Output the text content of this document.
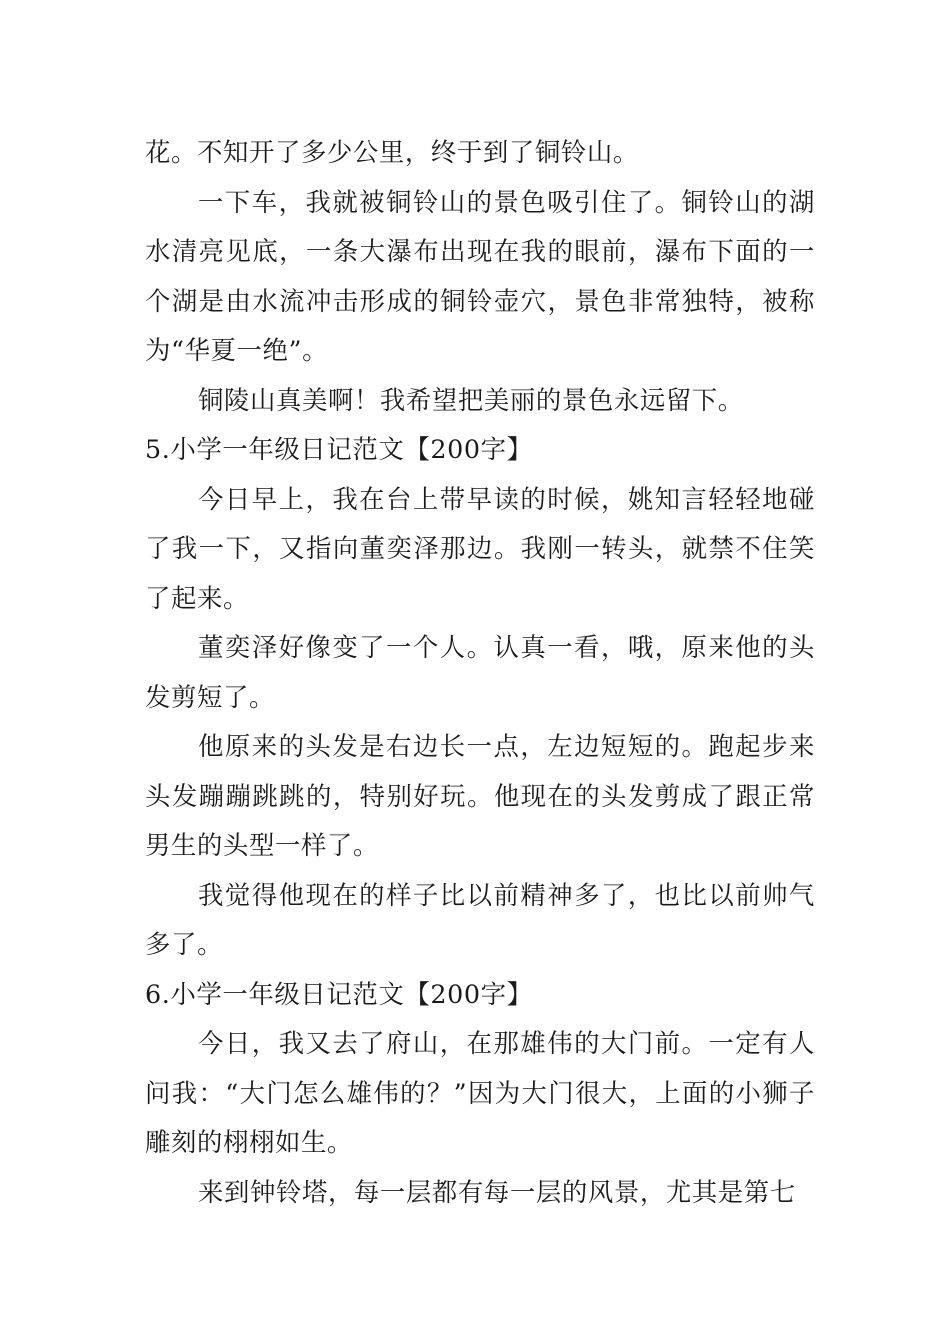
花。不知开了多少公里，终于到了铜铃山。

一下车，我就被铜铃山的景色吸引住了。铜铃山的湖水清亮见底，一条大瀑布出现在我的眼前，瀑布下面的一个湖是由水流冲击形成的铜铃壶穴，景色非常独特，被称为“华夏一绝”。

铜陵山真美啊！我希望把美丽的景色永远留下。

5.小学一年级日记范文【200字】

今日早上，我在台上带早读的时候，姚知言轻轻地碰了我一下，又指向董奕泽那边。我刚一转头，就禁不住笑了起来。

董奕泽好像变了一个人。认真一看，哦，原来他的头发剪短了。

他原来的头发是右边长一点，左边短短的。跑起步来头发蹦蹦跳跳的，特别好玩。他现在的头发剪成了跟正常男生的头型一样了。

我觉得他现在的样子比以前精神多了，也比以前帅气多了。

6.小学一年级日记范文【200字】

今日，我又去了府山，在那雄伟的大门前。一定有人问我：“大门怎么雄伟的？”因为大门很大，上面的小狮子雕刻的栩栩如生。

来到钟铃塔，每一层都有每一层的风景，尤其是第七
